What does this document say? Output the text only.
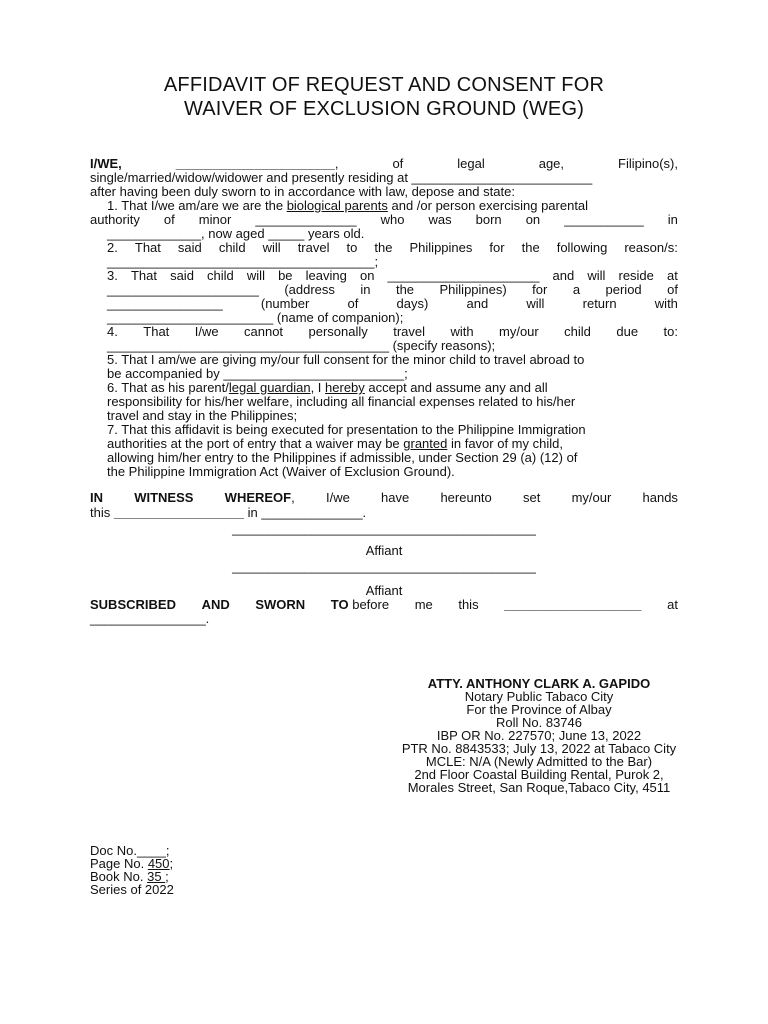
AFFIDAVIT OF REQUEST AND CONSENT FOR
WAIVER OF EXCLUSION GROUND (WEG)
I/WE,	______________________,	of	legal	age,	Filipino(s),
single/married/widow/widower and presently residing at _________________________
after having been duly sworn to in accordance with law, depose and state:
1. That I/we am/are we are the biological parents and /or person exercising parental
authority of minor ______________ who was born on ___________ in
_____________, now aged _____ years old.
2. That said child will travel to the Philippines for the following reason/s:
_____________________________________;
3. That said child will be leaving on _____________________ and will reside at
_____________________ (address in the Philippines) for a period of
________________	(number	of	days)	and	will	return	with
_______________________ (name of companion);
4. That I/we cannot personally travel with my/our child due to:
_______________________________________ (specify reasons);
5. That I am/we are giving my/our full consent for the minor child to travel abroad to
be accompanied by _________________________;
6. That as his parent/legal guardian, I hereby accept and assume any and all
responsibility for his/her welfare, including all financial expenses related to his/her
travel and stay in the Philippines;
7. That this affidavit is being executed for presentation to the Philippine Immigration
authorities at the port of entry that a waiver may be granted in favor of my child,
allowing him/her entry to the Philippines if admissible, under Section 29 (a) (12) of
the Philippine Immigration Act (Waiver of Exclusion Ground).
IN WITNESS WHEREOF, I/we have hereunto set my/our hands
this __________________ in ______________.
__________________________________________
Affiant
__________________________________________
Affiant
SUBSCRIBED AND SWORN TO before me this ___________________ at
________________.
ATTY. ANTHONY CLARK A. GAPIDO
Notary Public Tabaco City
For the Province of Albay
Roll No. 83746
IBP OR No. 227570; June 13, 2022
PTR No. 8843533; July 13, 2022 at Tabaco City
MCLE: N/A (Newly Admitted to the Bar)
2nd Floor Coastal Building Rental, Purok 2,
Morales Street, San Roque,Tabaco City, 4511
Doc No.____;
Page No. 450;
Book No. 35 ;
Series of 2022
